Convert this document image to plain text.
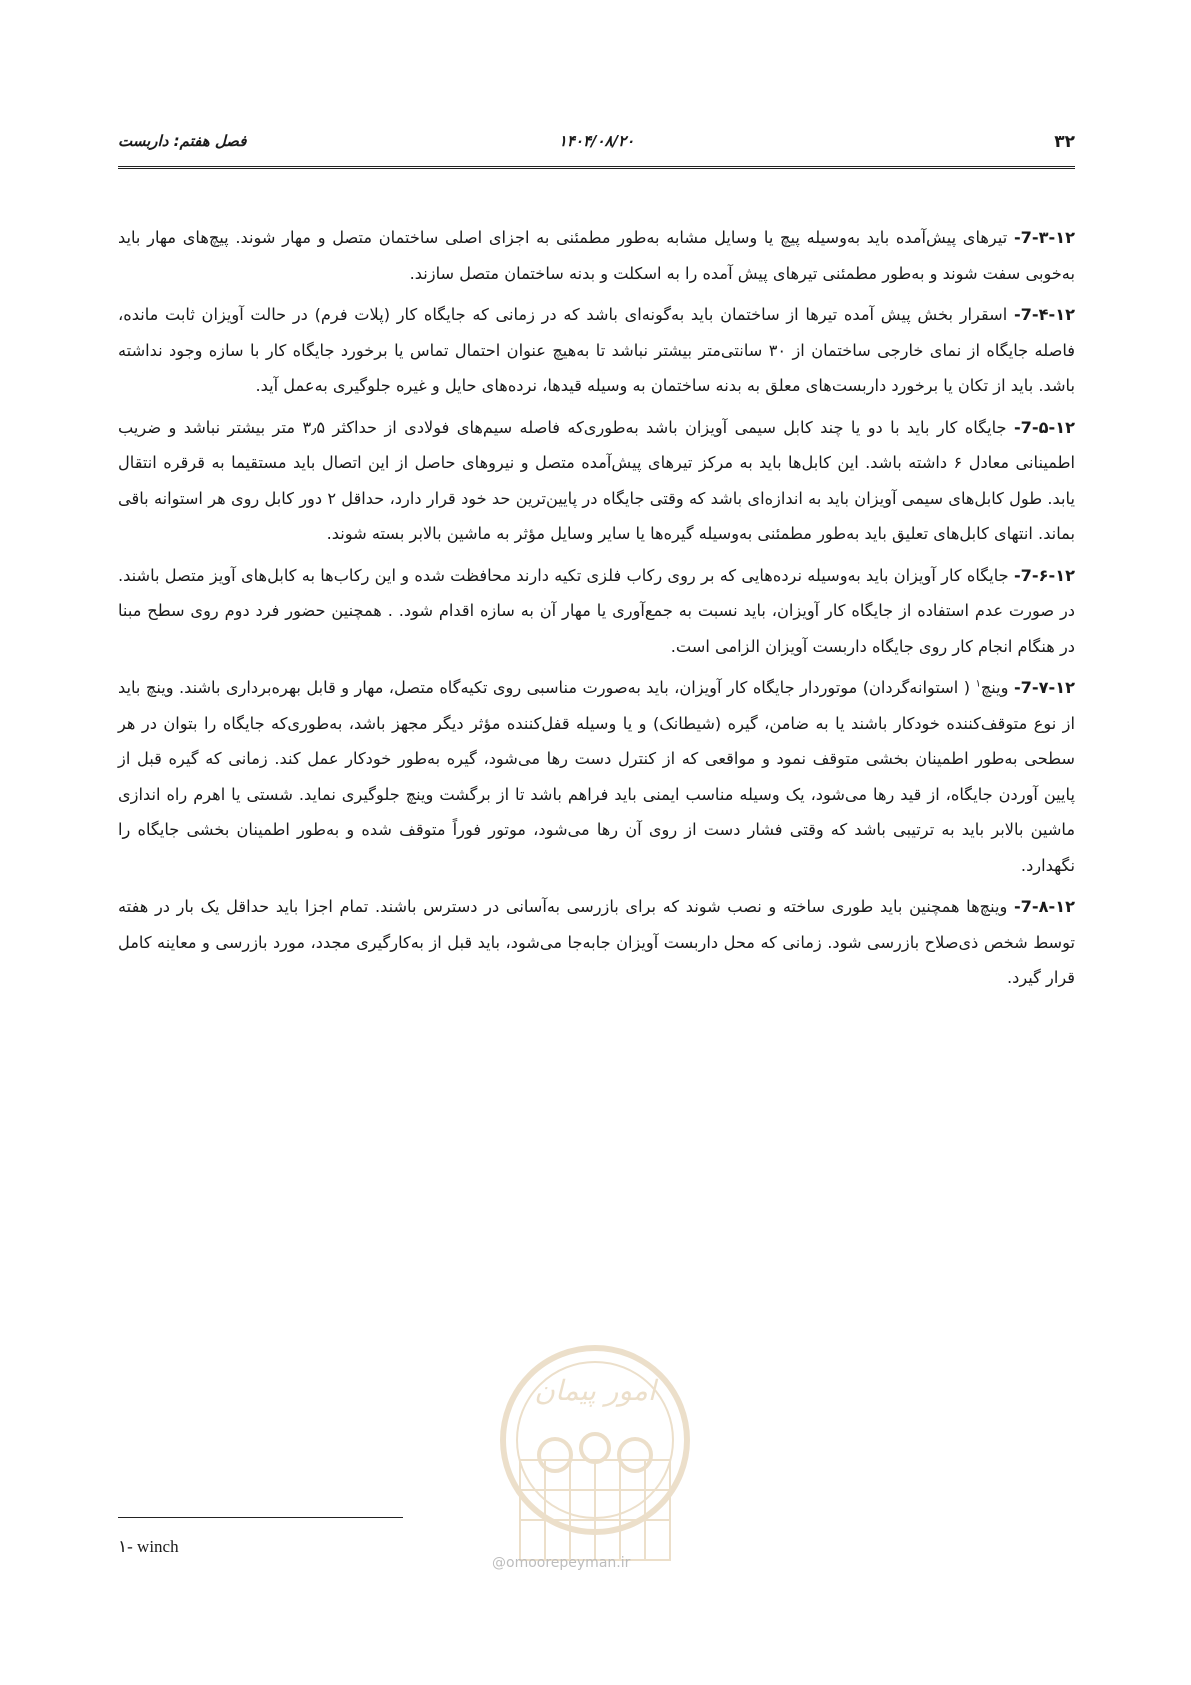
۳۲
۱۴۰۴/۰۸/۲۰
فصل هفتم: داربست

7-۳-۱۲- تیرهای پیش‌آمده باید به‌وسیله پیچ یا وسایل مشابه به‌طور مطمئنی به اجزای اصلی ساختمان متصل و مهار شوند. پیچ‌های مهار باید به‌خوبی سفت شوند و به‌طور مطمئنی تیرهای پیش آمده را به اسکلت و بدنه ساختمان متصل سازند.

7-۴-۱۲- اسقرار بخش پیش آمده تیرها از ساختمان باید به‌گونه‌ای باشد که در زمانی که جایگاه کار (پلات فرم) در حالت آویزان ثابت مانده، فاصله جایگاه از نمای خارجی ساختمان از ۳۰ سانتی‌متر بیشتر نباشد تا به‌هیچ عنوان احتمال تماس یا برخورد جایگاه کار با سازه وجود نداشته باشد. باید از تکان یا برخورد داربست‌های معلق به بدنه ساختمان به وسیله قیدها، نرده‌های حایل و غیره جلوگیری به‌عمل آید.

7-۵-۱۲- جایگاه کار باید با دو یا چند کابل سیمی آویزان باشد به‌طوری‌که فاصله سیم‌های فولادی از حداکثر ۳٫۵ متر بیشتر نباشد و ضریب اطمینانی معادل ۶ داشته باشد. این کابل‌ها باید به مرکز تیرهای پیش‌آمده متصل و نیروهای حاصل از این اتصال باید مستقیما به قرقره انتقال یابد. طول کابل‌های سیمی آویزان باید به اندازه‌ای باشد که وقتی جایگاه در پایین‌ترین حد خود قرار دارد، حداقل ۲ دور کابل روی هر استوانه باقی بماند. انتهای کابل‌های تعلیق باید به‌طور مطمئنی به‌وسیله گیره‌ها یا سایر وسایل مؤثر به ماشین بالابر بسته شوند.

7-۶-۱۲- جایگاه کار آویزان باید به‌وسیله نرده‌هایی که بر روی رکاب فلزی تکیه دارند محافظت شده و این رکاب‌ها به کابل‌های آویز متصل باشند. در صورت عدم استفاده از جایگاه کار آویزان، باید نسبت به جمع‌آوری یا مهار آن به سازه اقدام شود. . همچنین حضور فرد دوم روی سطح مبنا در هنگام انجام کار روی جایگاه داربست آویزان الزامی است.

7-۷-۱۲- وینچ$^۱$ ( استوانه‌گردان) موتوردار جایگاه کار آویزان، باید به‌صورت مناسبی روی تکیه‌گاه متصل، مهار و قابل بهره‌برداری باشند. وینچ باید از نوع متوقف‌کننده خودکار باشند یا به ضامن، گیره (شیطانک) و یا وسیله قفل‌کننده مؤثر دیگر مجهز باشد، به‌طوری‌که جایگاه را بتوان در هر سطحی به‌طور اطمینان بخشی متوقف نمود و مواقعی که از کنترل دست رها می‌شود، گیره به‌طور خودکار عمل کند. زمانی که گیره قبل از پایین آوردن جایگاه، از قید رها می‌شود، یک وسیله مناسب ایمنی باید فراهم باشد تا از برگشت وینچ جلوگیری نماید. شستی یا اهرم راه اندازی ماشین بالابر باید به ترتیبی باشد که وقتی فشار دست از روی آن رها می‌شود، موتور فوراً متوقف شده و به‌طور اطمینان بخشی جایگاه را نگهدارد.

7-۸-۱۲- وینچ‌ها همچنین باید طوری ساخته و نصب شوند که برای بازرسی به‌آسانی در دسترس باشند. تمام اجزا باید حداقل یک بار در هفته توسط شخص ذی‌صلاح بازرسی شود. زمانی که محل داربست آویزان جابه‌جا می‌شود، باید قبل از به‌کارگیری مجدد، مورد بازرسی و معاینه کامل قرار گیرد.

امور پیمان
@omoorepeyman.ir
۱- winch
